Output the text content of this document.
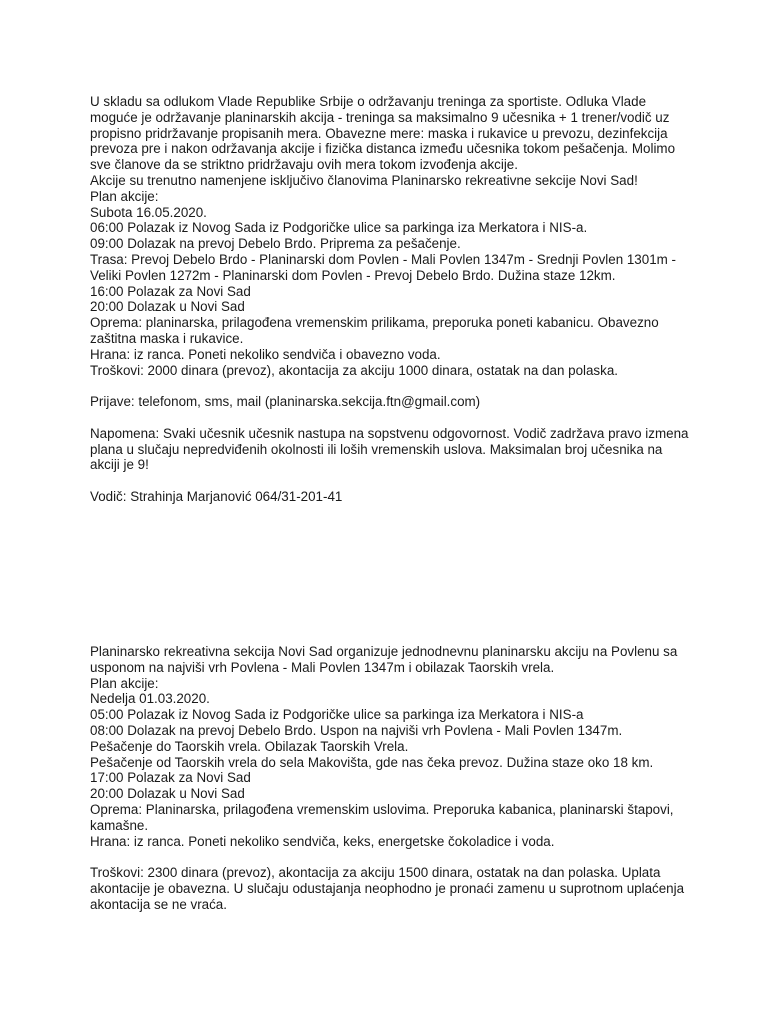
U skladu sa odlukom Vlade Republike Srbije o održavanju treninga za sportiste. Odluka Vlade moguće je održavanje planinarskih akcija - treninga sa maksimalno 9 učesnika + 1 trener/vodič uz propisno pridržavanje propisanih mera. Obavezne mere: maska i rukavice u prevozu, dezinfekcija prevoza pre i nakon održavanja akcije i fizička distanca između učesnika tokom pešačenja. Molimo sve članove da se striktno pridržavaju ovih mera tokom izvođenja akcije.

Akcije su trenutno namenjene isključivo članovima Planinarsko rekreativne sekcije Novi Sad!

Plan akcije:

Subota 16.05.2020.

06:00 Polazak iz Novog Sada iz Podgoričke ulice sa parkinga iza Merkatora i NIS-a.

09:00 Dolazak na prevoj Debelo Brdo. Priprema za pešačenje.

Trasa: Prevoj Debelo Brdo - Planinarski dom Povlen - Mali Povlen 1347m - Srednji Povlen 1301m - Veliki Povlen 1272m - Planinarski dom Povlen - Prevoj Debelo Brdo. Dužina staze 12km.

16:00 Polazak za Novi Sad

20:00 Dolazak u Novi Sad

Oprema: planinarska, prilagođena vremenskim prilikama, preporuka poneti kabanicu. Obavezno zaštitna maska i rukavice.

Hrana: iz ranca. Poneti nekoliko sendviča i obavezno voda.

Troškovi: 2000 dinara (prevoz), akontacija za akciju 1000 dinara, ostatak na dan polaska.

Prijave: telefonom, sms, mail (planinarska.sekcija.ftn@gmail.com)

Napomena: Svaki učesnik učesnik nastupa na sopstvenu odgovornost. Vodič zadržava pravo izmena plana u slučaju nepredviđenih okolnosti ili loših vremenskih uslova. Maksimalan broj učesnika na akciji je 9!

Vodič: Strahinja Marjanović 064/31-201-41

Planinarsko rekreativna sekcija Novi Sad organizuje jednodnevnu planinarsku akciju na Povlenu sa usponom na najviši vrh Povlena - Mali Povlen 1347m i obilazak Taorskih vrela.

Plan akcije:

Nedelja 01.03.2020.

05:00 Polazak iz Novog Sada iz Podgoričke ulice sa parkinga iza Merkatora i NIS-a

08:00 Dolazak na prevoj Debelo Brdo. Uspon na najviši vrh Povlena - Mali Povlen 1347m.

Pešačenje do Taorskih vrela. Obilazak Taorskih Vrela.

Pešačenje od Taorskih vrela do sela Makovišta, gde nas čeka prevoz. Dužina staze oko 18 km.

17:00 Polazak za Novi Sad

20:00 Dolazak u Novi Sad

Oprema: Planinarska, prilagođena vremenskim uslovima. Preporuka kabanica, planinarski štapovi, kamašne.

Hrana: iz ranca. Poneti nekoliko sendviča, keks, energetske čokoladice i voda.

Troškovi: 2300 dinara (prevoz), akontacija za akciju 1500 dinara, ostatak na dan polaska. Uplata akontacije je obavezna. U slučaju odustajanja neophodno je pronaći zamenu u suprotnom uplaćenja akontacija se ne vraća.
